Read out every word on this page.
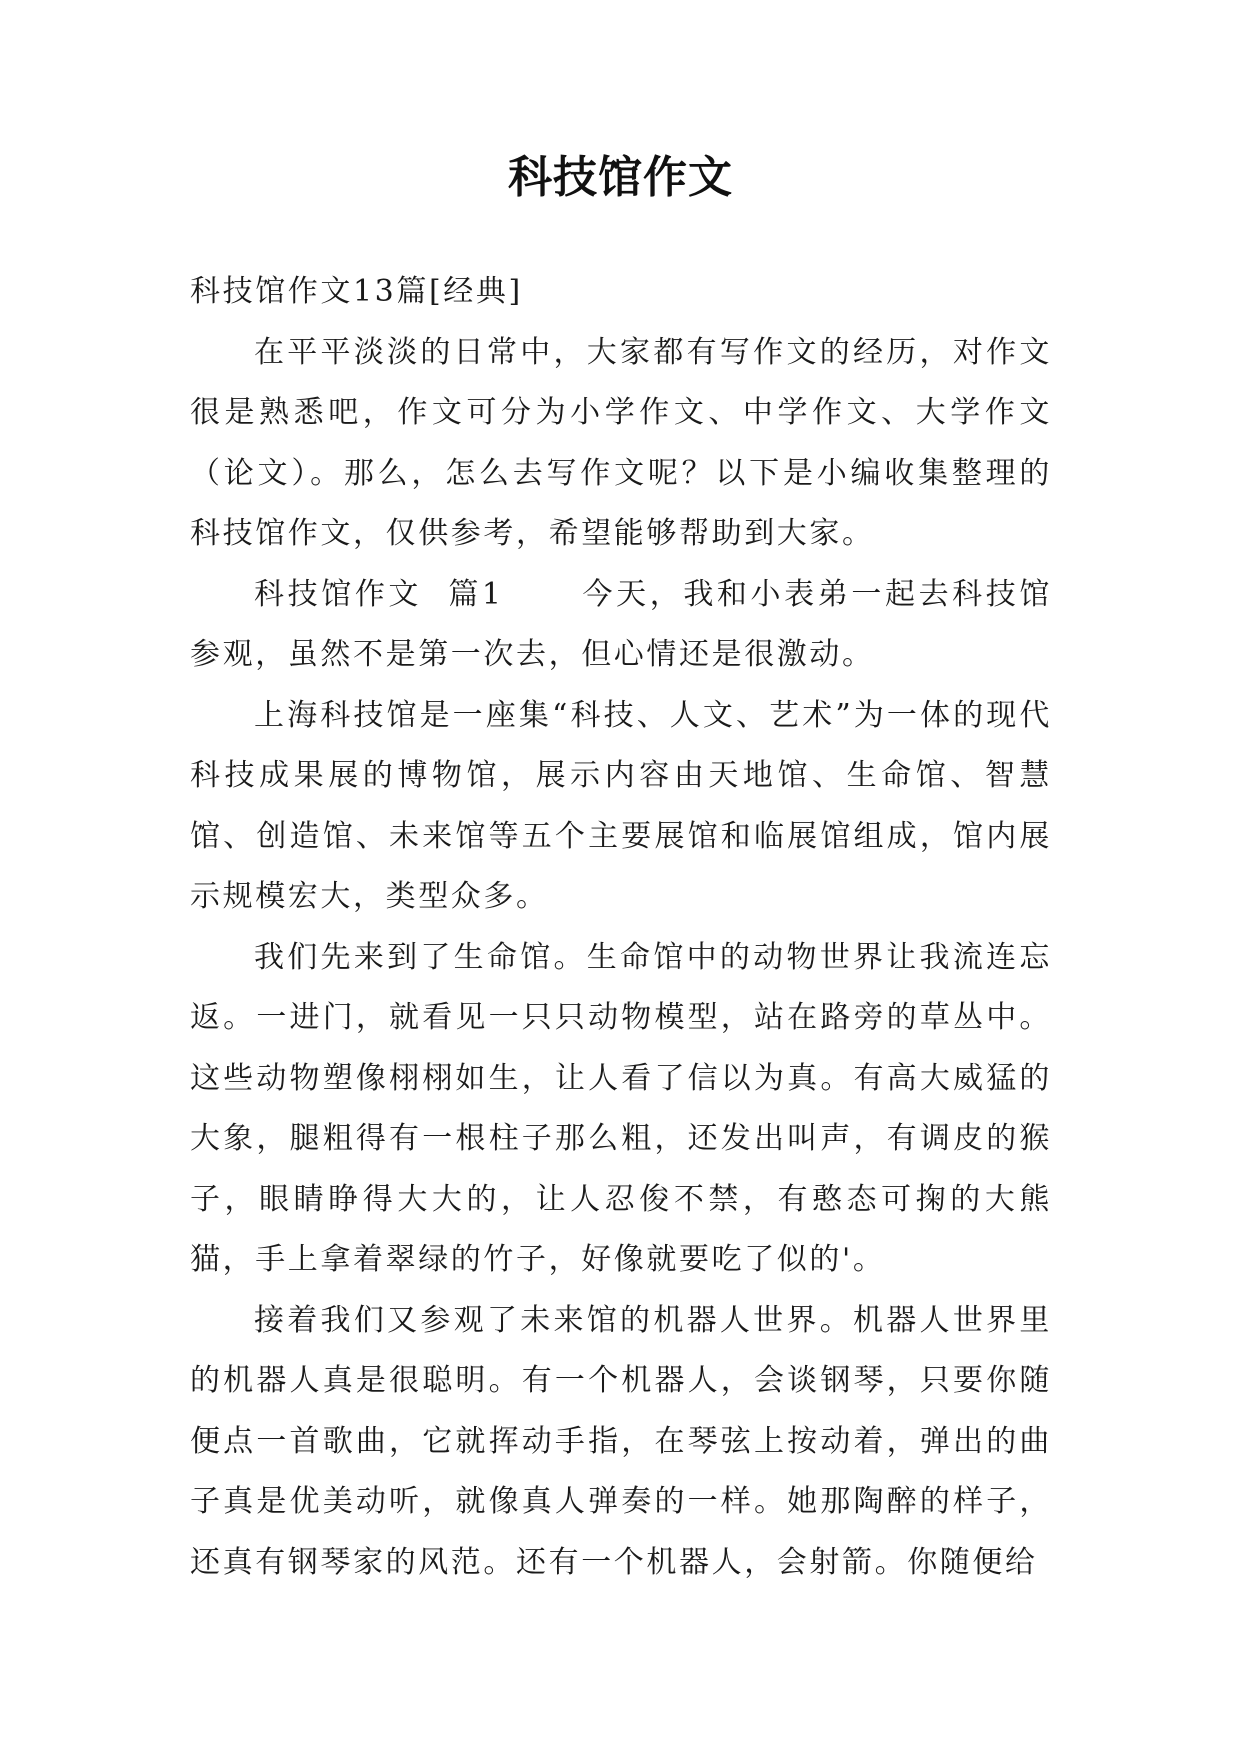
科技馆作文

科技馆作文13篇[经典]

在平平淡淡的日常中，大家都有写作文的经历，对作文很是熟悉吧，作文可分为小学作文、中学作文、大学作文（论文）。那么，怎么去写作文呢？以下是小编收集整理的科技馆作文，仅供参考，希望能够帮助到大家。

科技馆作文  篇1      今天，我和小表弟一起去科技馆参观，虽然不是第一次去，但心情还是很激动。

上海科技馆是一座集“科技、人文、艺术”为一体的现代科技成果展的博物馆，展示内容由天地馆、生命馆、智慧馆、创造馆、未来馆等五个主要展馆和临展馆组成，馆内展示规模宏大，类型众多。

我们先来到了生命馆。生命馆中的动物世界让我流连忘返。一进门，就看见一只只动物模型，站在路旁的草丛中。这些动物塑像栩栩如生，让人看了信以为真。有高大威猛的大象，腿粗得有一根柱子那么粗，还发出叫声，有调皮的猴子，眼睛睁得大大的，让人忍俊不禁，有憨态可掬的大熊猫，手上拿着翠绿的竹子，好像就要吃了似的'。

接着我们又参观了未来馆的机器人世界。机器人世界里的机器人真是很聪明。有一个机器人，会谈钢琴，只要你随便点一首歌曲，它就挥动手指，在琴弦上按动着，弹出的曲子真是优美动听，就像真人弹奏的一样。她那陶醉的样子，还真有钢琴家的风范。还有一个机器人，会射箭。你随便给
